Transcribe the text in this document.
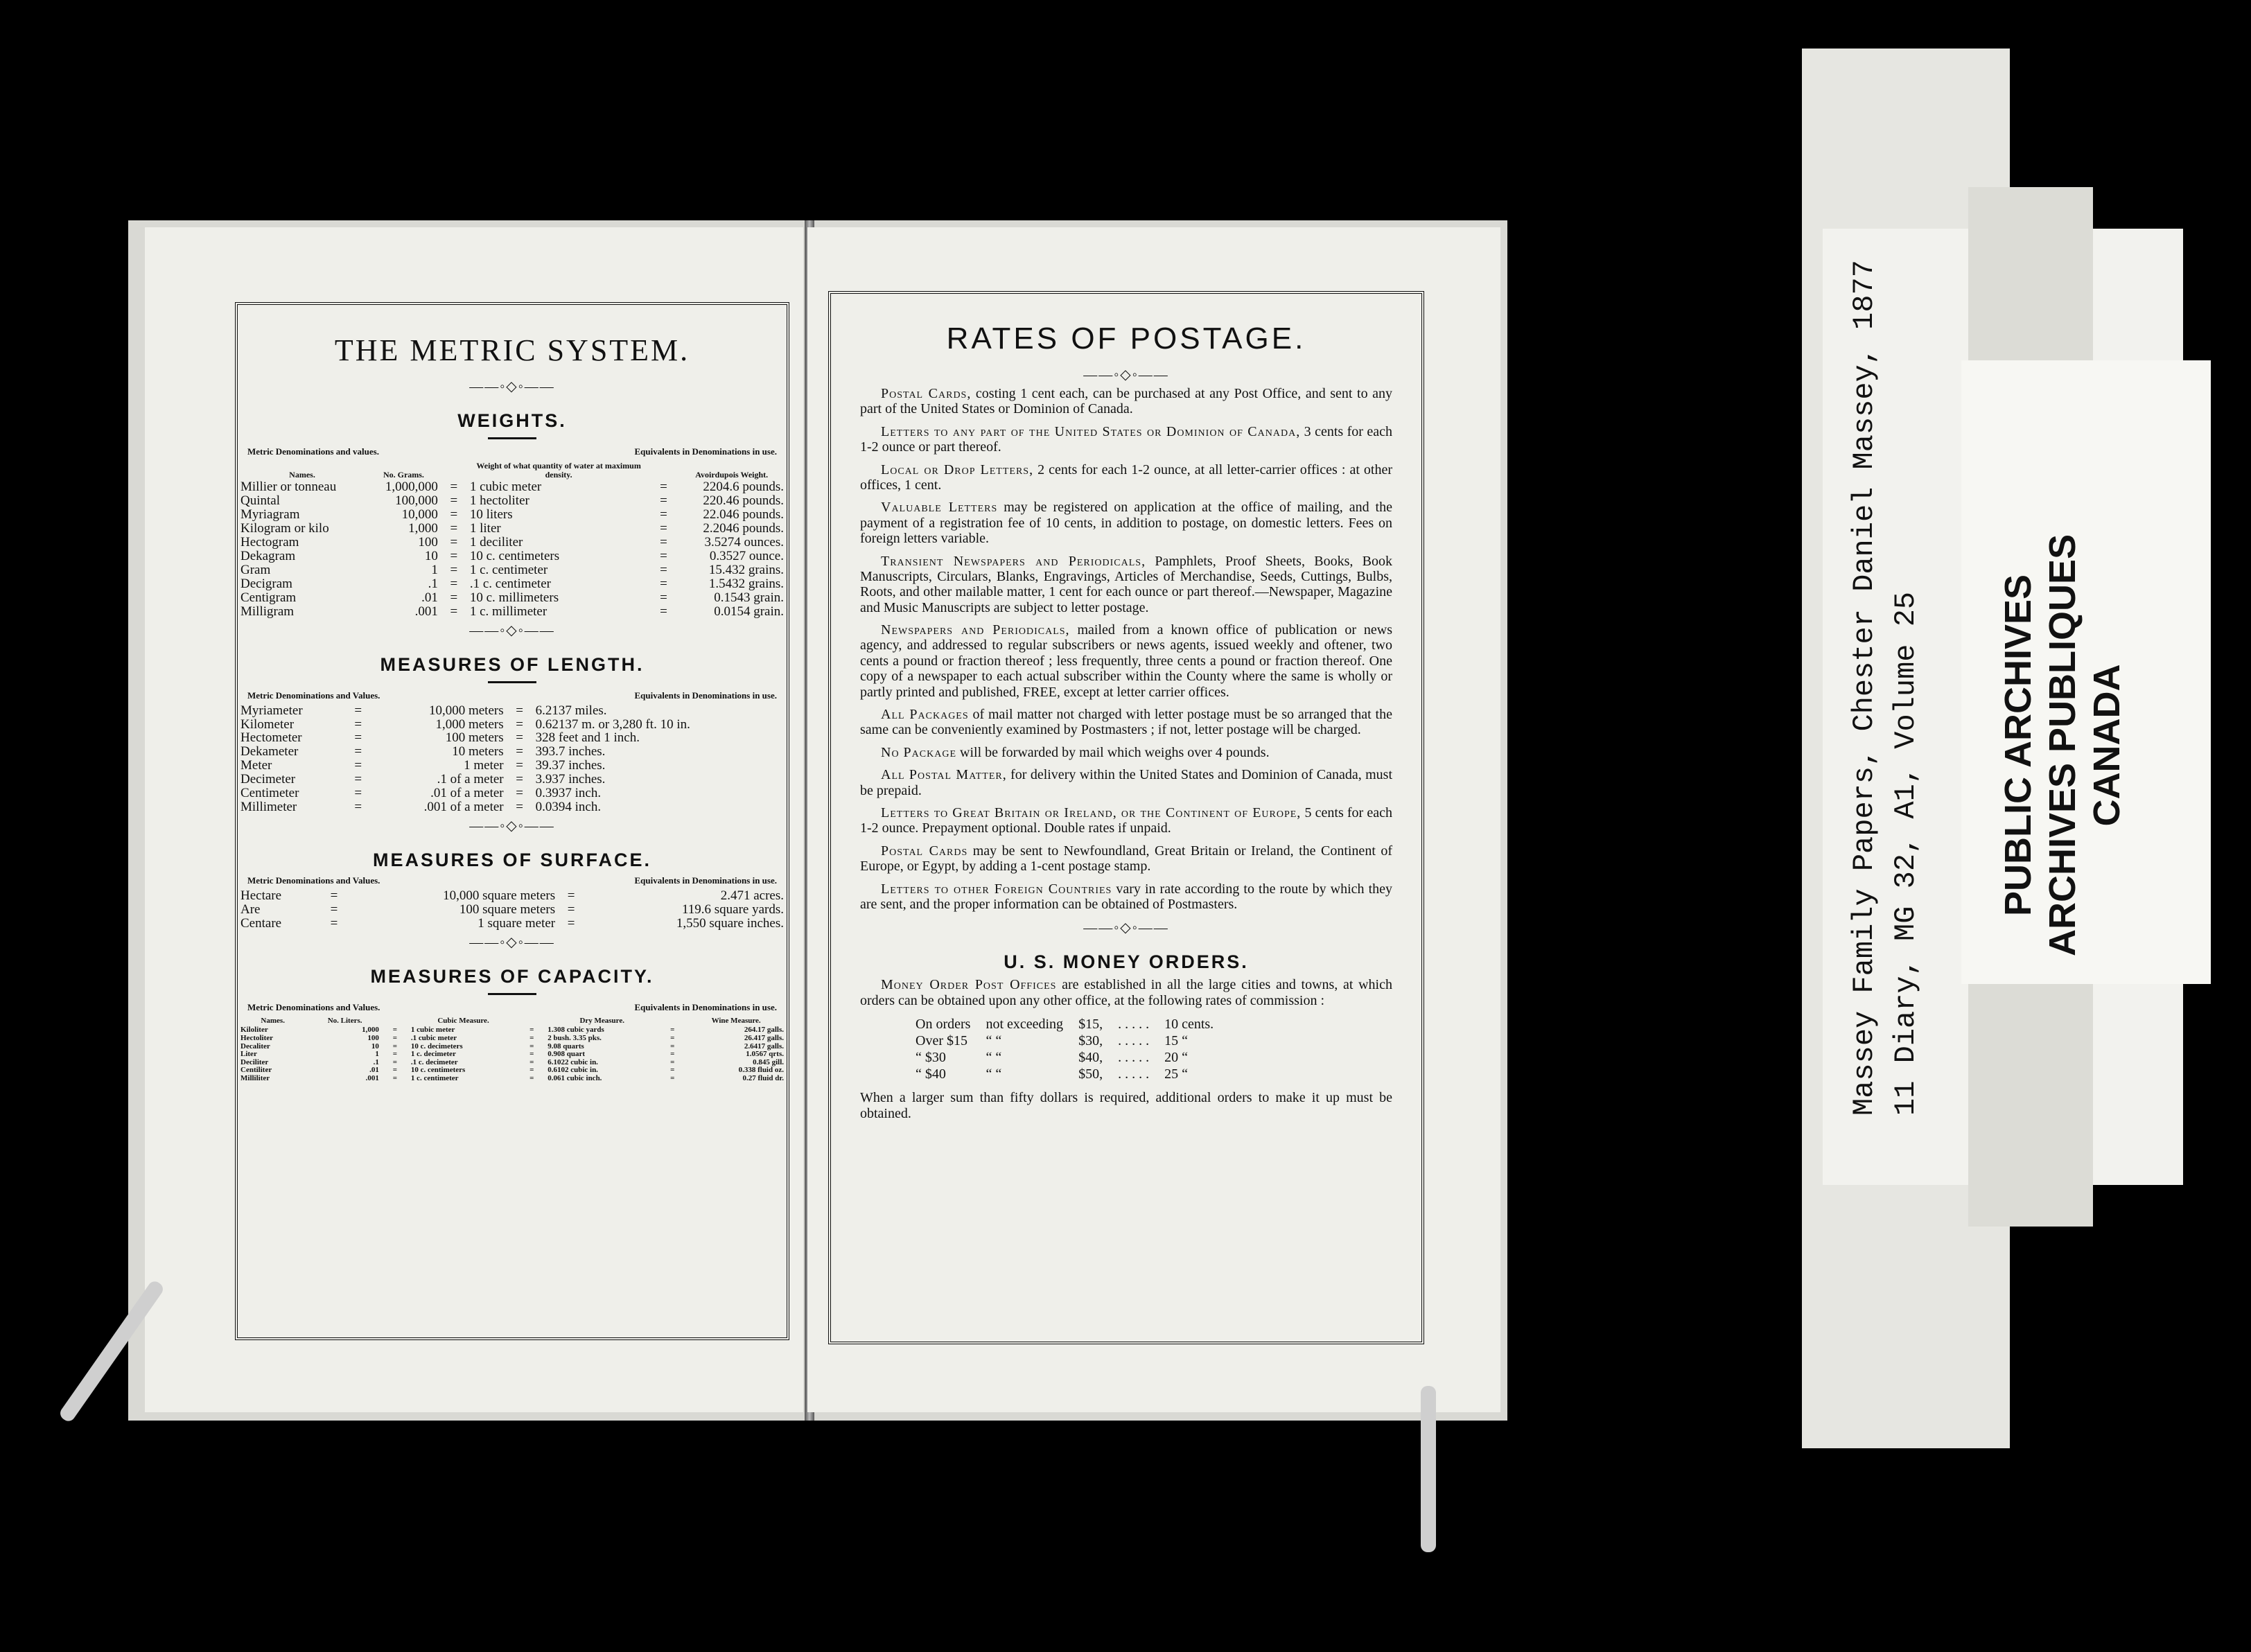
THE METRIC SYSTEM.
——◦◇◦——
WEIGHTS.
Metric Denominations and values.	Equivalents in Denominations in use.
Names.	No. Grams.		Weight of what quantity of water at maximum density.		Avoirdupois Weight.
Millier or tonneau	1,000,000	=	1 cubic meter	=	2204.6 pounds.
Quintal	100,000	=	1 hectoliter	=	220.46 pounds.
Myriagram	10,000	=	10 liters	=	22.046 pounds.
Kilogram or kilo	1,000	=	1 liter	=	2.2046 pounds.
Hectogram	100	=	1 deciliter	=	3.5274 ounces.
Dekagram	10	=	10 c. centimeters	=	0.3527 ounce.
Gram	1	=	1 c. centimeter	=	15.432 grains.
Decigram	.1	=	.1 c. centimeter	=	1.5432 grains.
Centigram	.01	=	10 c. millimeters	=	0.1543 grain.
Milligram	.001	=	1 c. millimeter	=	0.0154 grain.
——◦◇◦——
MEASURES OF LENGTH.
Metric Denominations and Values.	Equivalents in Denominations in use.
Myriameter	=	10,000 meters	=	6.2137 miles.
Kilometer	=	1,000 meters	=	0.62137 m. or 3,280 ft. 10 in.
Hectometer	=	100 meters	=	328 feet and 1 inch.
Dekameter	=	10 meters	=	393.7 inches.
Meter	=	1 meter	=	39.37 inches.
Decimeter	=	.1 of a meter	=	3.937 inches.
Centimeter	=	.01 of a meter	=	0.3937 inch.
Millimeter	=	.001 of a meter	=	0.0394 inch.
——◦◇◦——
MEASURES OF SURFACE.
Metric Denominations and Values.	Equivalents in Denominations in use.
Hectare	=	10,000 square meters	=	2.471 acres.
Are	=	100 square meters	=	119.6 square yards.
Centare	=	1 square meter	=	1,550 square inches.
——◦◇◦——
MEASURES OF CAPACITY.
Metric Denominations and Values.	Equivalents in Denominations in use.
Names.	No. Liters.		Cubic Measure.		Dry Measure.		Wine Measure.
Kiloliter	1,000	=	1 cubic meter	=	1.308 cubic yards	=	264.17 galls.
Hectoliter	100	=	.1 cubic meter	=	2 bush. 3.35 pks.	=	26.417 galls.
Decaliter	10	=	10 c. decimeters	=	9.08 quarts	=	2.6417 galls.
Liter	1	=	1 c. decimeter	=	0.908 quart	=	1.0567 qrts.
Deciliter	.1	=	.1 c. decimeter	=	6.1022 cubic in.	=	0.845 gill.
Centiliter	.01	=	10 c. centimeters	=	0.6102 cubic in.	=	0.338 fluid oz.
Milliliter	.001	=	1 c. centimeter	=	0.061 cubic inch.	=	0.27 fluid dr.
RATES OF POSTAGE.
——◦◇◦——

Postal Cards, costing 1 cent each, can be purchased at any Post Office, and sent to any part of the United States or Dominion of Canada.

Letters to any part of the United States or Dominion of Canada, 3 cents for each 1-2 ounce or part thereof.

Local or Drop Letters, 2 cents for each 1-2 ounce, at all letter-carrier offices : at other offices, 1 cent.

Valuable Letters may be registered on application at the office of mailing, and the payment of a registration fee of 10 cents, in addition to postage, on domestic letters. Fees on foreign letters variable.

Transient Newspapers and Periodicals, Pamphlets, Proof Sheets, Books, Book Manuscripts, Circulars, Blanks, Engravings, Articles of Merchandise, Seeds, Cuttings, Bulbs, Roots, and other mailable matter, 1 cent for each ounce or part thereof.—Newspaper, Magazine and Music Manuscripts are subject to letter postage.

Newspapers and Periodicals, mailed from a known office of publication or news agency, and addressed to regular subscribers or news agents, issued weekly and oftener, two cents a pound or fraction thereof ; less frequently, three cents a pound or fraction thereof. One copy of a newspaper to each actual subscriber within the County where the same is wholly or partly printed and published, FREE, except at letter carrier offices.

All Packages of mail matter not charged with letter postage must be so arranged that the same can be conveniently examined by Postmasters ; if not, letter postage will be charged.

No Package will be forwarded by mail which weighs over 4 pounds.

All Postal Matter, for delivery within the United States and Dominion of Canada, must be prepaid.

Letters to Great Britain or Ireland, or the Continent of Europe, 5 cents for each 1-2 ounce. Prepayment optional. Double rates if unpaid.

Postal Cards may be sent to Newfoundland, Great Britain or Ireland, the Continent of Europe, or Egypt, by adding a 1-cent postage stamp.

Letters to other Foreign Countries vary in rate according to the route by which they are sent, and the proper information can be obtained of Postmasters.

——◦◇◦——
U. S. MONEY ORDERS.

Money Order Post Offices are established in all the large cities and towns, at which orders can be obtained upon any other office, at the following rates of commission :

On orders	not exceeding	$15,	. . . . .	10 cents.
Over $15	“ “	$30,	. . . . .	15 “
“ $30	“ “	$40,	. . . . .	20 “
“ $40	“ “	$50,	. . . . .	25 “

When a larger sum than fifty dollars is required, additional orders to make it up must be obtained.	Massey Family Papers, Chester Daniel Massey, 1877 11 Diary, MG 32, A1, Volume 25 PUBLIC ARCHIVES ARCHIVES PUBLIQUES CANADA
